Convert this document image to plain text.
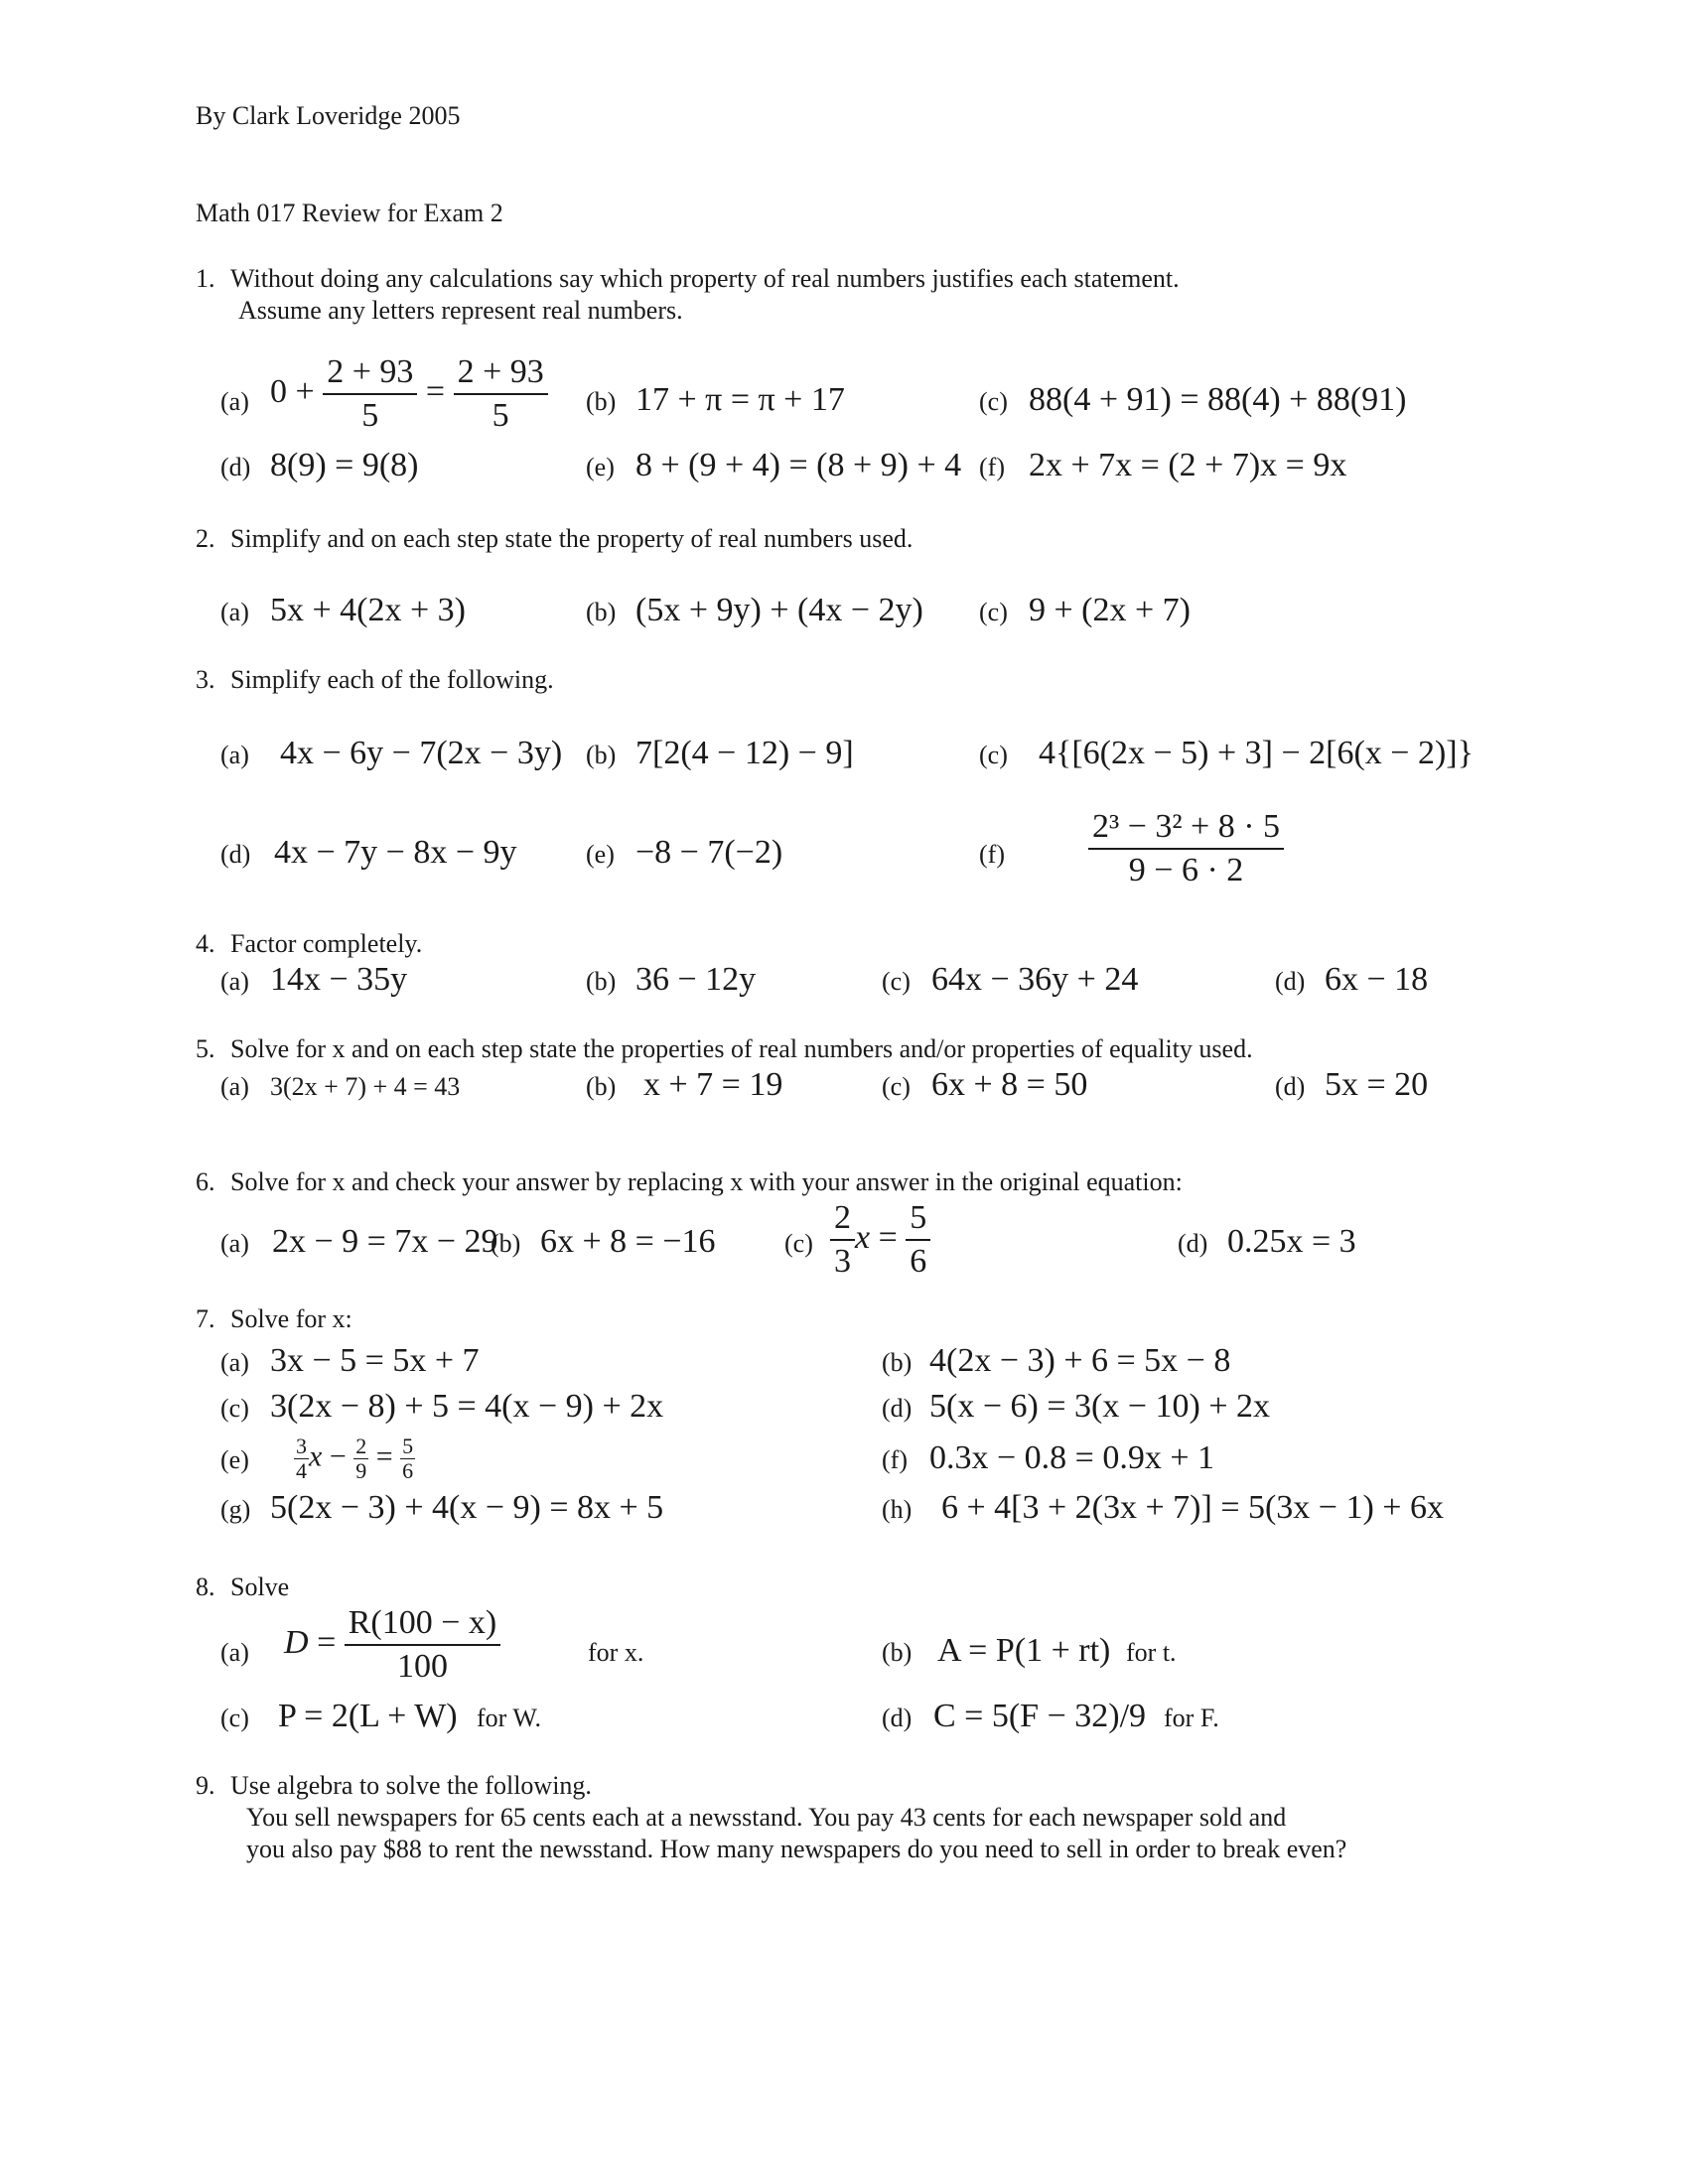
By Clark Loveridge 2005
Math 017 Review for Exam 2
1. Without doing any calculations say which property of real numbers justifies each statement.
Assume any letters represent real numbers.
(a) $0 + \frac{2 + 93}{5} = \frac{2 + 93}{5} (b) 17 + \pi = \pi + 17$	(c) 88(4 + 91) = 88(4) + 88(91)
(d) 8(9) = 9(8)	(e) 8 + (9 + 4) = (8 + 9) + 4 (f) 2x + 7x = (2 + 7)x = 9x
2. Simplify and on each step state the property of real numbers used.
(a) 5x + 4(2x + 3)	(b) (5x + 9y) + (4x − 2y) (c) 9 + (2x + 7)
3. Simplify each of the following.
(a) 4x − 6y − 7(2x − 3y) (b) 7[2(4 − 12) − 9]	(c) 4{[6(2x − 5) + 3] − 2[6(x − 2)]}
(d) 4x − 7y − 8x − 9y	(e) −8 − 7(−2)	$(f) \frac{\text{2³ − 3² + 8 · 5}}{9 - 6 \cdot 2}$
4. Factor completely.
(a) 14x − 35y	(b) 36 − 12y	(c) 64x − 36y + 24	(d) 6x − 18
5. Solve for x and on each step state the properties of real numbers and/or properties of equality used.
(a) 3(2x + 7) + 4 = 43	(b) x + 7 = 19	(c) 6x + 8 = 50	(d) 5x = 20
6. Solve for x and check your answer by replacing x with your answer in the original equation:
(a) 2x − 9 = 7x − 29
(b) 6x + 8 = −16	$(c) \frac{2}{3}$ $x = \frac{5}{6}$	(d) 0.25x = 3
7. Solve for x:
(a) 3x − 5 = 5x + 7	(b) 4(2x − 3) + 6 = 5x − 8
(c) 3(2x − 8) + 5 = 4(x − 9) + 2x	(d) 5(x − 6) = 3(x − 10) + 2x
$(e) \frac{3}{4}$ $x - \frac{2}{9} = \frac{5}{6}$	(f) 0.3x − 0.8 = 0.9x + 1
(g) 5(2x − 3) + 4(x − 9) = 8x + 5	(h) 6 + 4[3 + 2(3x + 7)] = 5(3x − 1) + 6x
8. Solve
(a) $D = \frac{R(100 - x)}{100}$	for x.	(b) A = P(1 + rt) for t.
(c) P = 2(L + W) for W.	(d) C = 5(F − 32)/9 for F.
9. Use algebra to solve the following.
You sell newspapers for 65 cents each at a newsstand. You pay 43 cents for each newspaper sold and
you also pay $88 to rent the newsstand. How many newspapers do you need to sell in order to break even?
